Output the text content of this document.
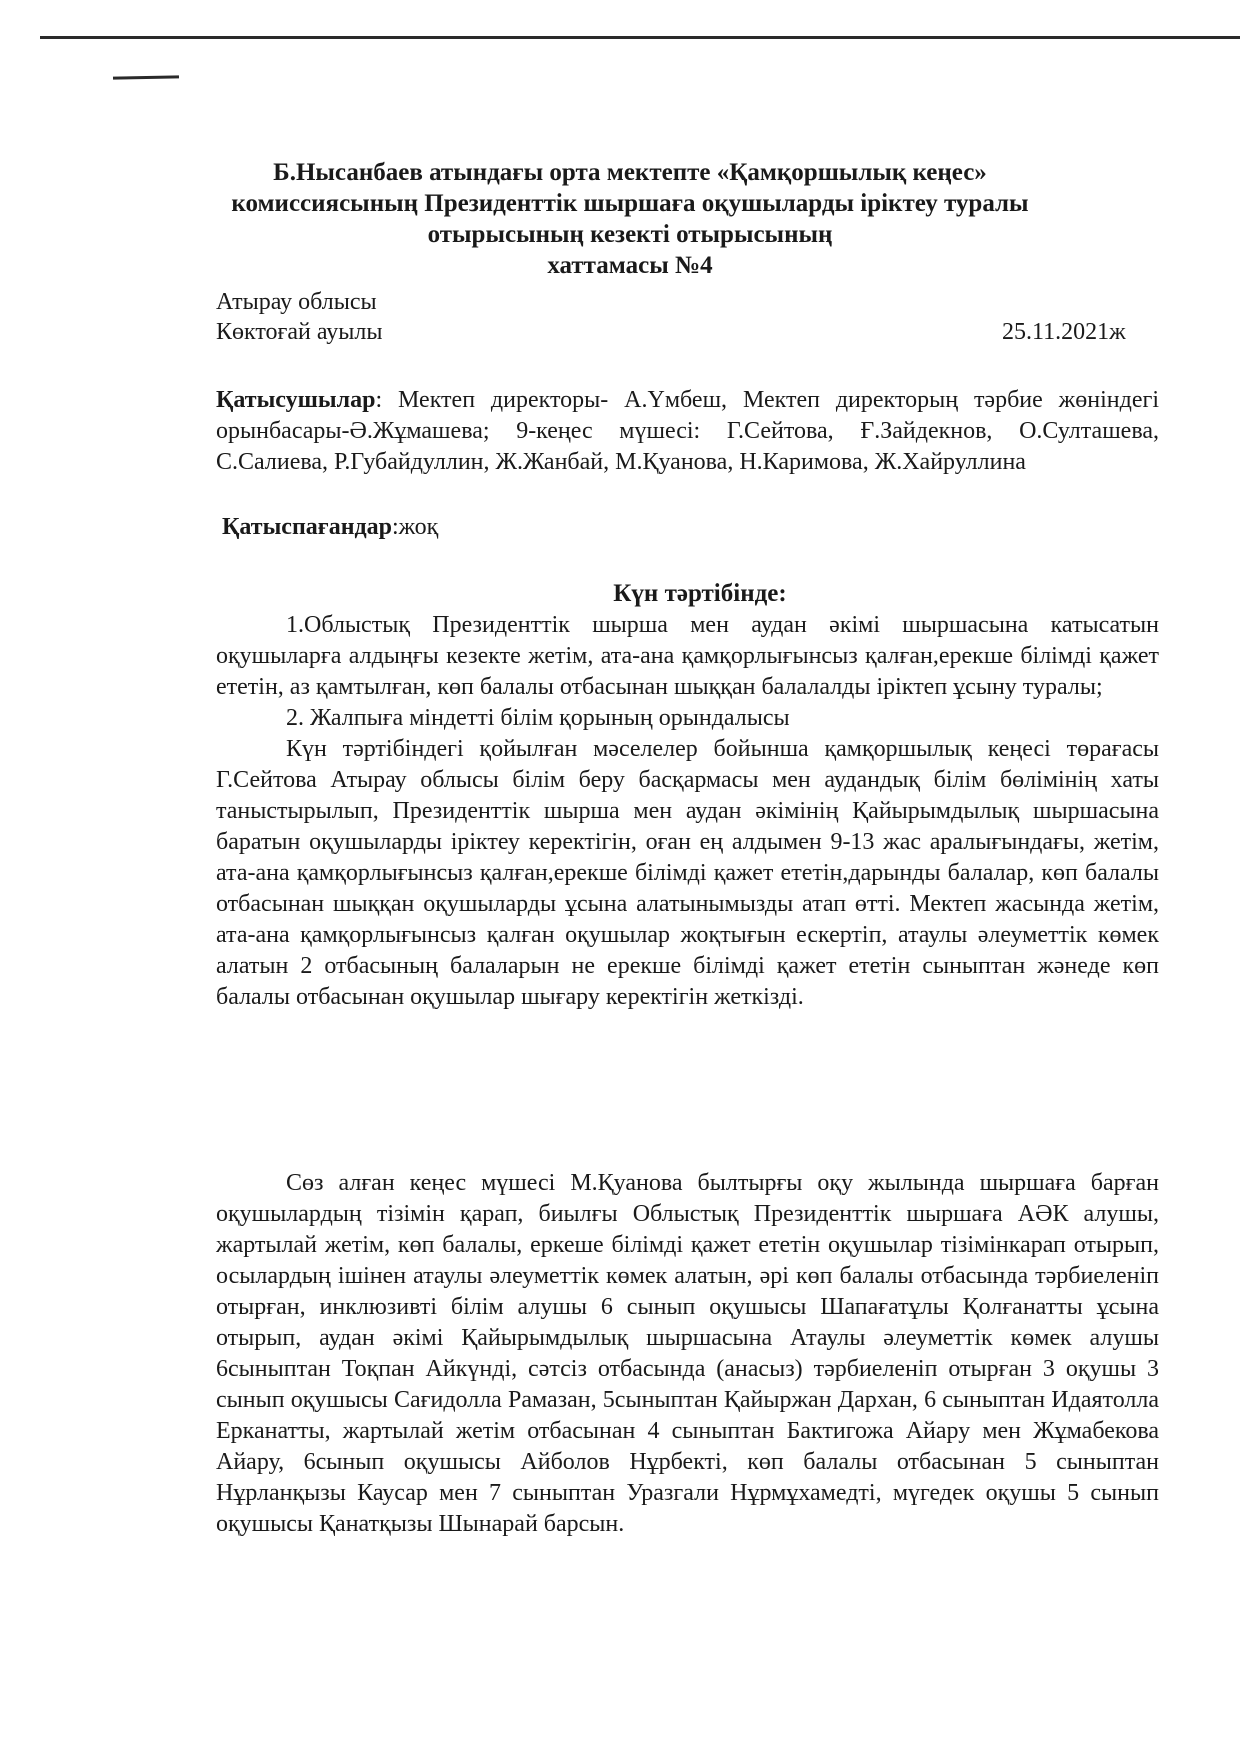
Б.Нысанбаев атындағы орта мектепте «Қамқоршылық кеңес»
комиссиясының Президенттік шыршаға оқушыларды іріктеу туралы
отырысының кезекті отырысының
хаттамасы №4
Атырау облысы
Көктоғай ауылы	25.11.2021ж

Қатысушылар: Мектеп директоры- А.Үмбеш, Мектеп директорың тәрбие жөніндегі орынбасары-Ә.Жұмашева; 9-кеңес мүшесі: Г.Сейтова, Ғ.Зайдекнов, О.Султашева, С.Салиева, Р.Губайдуллин, Ж.Жанбай, М.Қуанова, Н.Каримова, Ж.Хайруллина

Қатыспағандар:жоқ

Күн тәртібінде:

1.Облыстық Президенттік шырша мен аудан әкімі шыршасына катысатын оқушыларға алдыңғы кезекте жетім, ата-ана қамқорлығынсыз қалған,ерекше білімді қажет ететін, аз қамтылған, көп балалы отбасынан шыққан балалалды іріктеп ұсыну туралы;

2. Жалпыға міндетті білім қорының орындалысы

Күн тәртібіндегі қойылған мәселелер бойынша қамқоршылық кеңесі төрағасы Г.Сейтова Атырау облысы білім беру басқармасы мен аудандық білім бөлімінің хаты таныстырылып, Президенттік шырша мен аудан әкімінің Қайырымдылық шыршасына баратын оқушыларды іріктеу керектігін, оған ең алдымен 9-13 жас аралығындағы, жетім, ата-ана қамқорлығынсыз қалған,ерекше білімді қажет ететін,дарынды балалар, көп балалы отбасынан шыққан оқушыларды ұсына алатынымызды атап өтті. Мектеп жасында жетім, ата-ана қамқорлығынсыз қалған оқушылар жоқтығын ескертіп, атаулы әлеуметтік көмек алатын 2 отбасының балаларын не ерекше білімді қажет ететін сыныптан жәнеде көп балалы отбасынан оқушылар шығару керектігін жеткізді.

Сөз алған кеңес мүшесі М.Қуанова былтырғы оқу жылында шыршаға барған оқушылардың тізімін қарап, биылғы Облыстық Президенттік шыршаға АӘК алушы, жартылай жетім, көп балалы, еркеше білімді қажет ететін оқушылар тізімінкарап отырып, осылардың ішінен атаулы әлеуметтік көмек алатын, әрі көп балалы отбасында тәрбиеленіп отырған, инклюзивті білім алушы 6 сынып оқушысы Шапағатұлы Қолғанатты ұсына отырып, аудан әкімі Қайырымдылық шыршасына Атаулы әлеуметтік көмек алушы 6сыныптан Тоқпан Айкүнді, сәтсіз отбасында (анасыз) тәрбиеленіп отырған 3 оқушы 3 сынып оқушысы Сағидолла Рамазан, 5сыныптан Қайыржан Дархан, 6 сыныптан Идаятолла Ерканатты, жартылай жетім отбасынан 4 сыныптан Бактигожа Айару мен Жұмабекова Айару, 6сынып оқушысы Айболов Нұрбекті, көп балалы отбасынан 5 сыныптан Нұрланқызы Каусар мен 7 сыныптан Уразгали Нұрмұхамедті, мүгедек оқушы 5 сынып оқушысы Қанатқызы Шынарай барсын.
